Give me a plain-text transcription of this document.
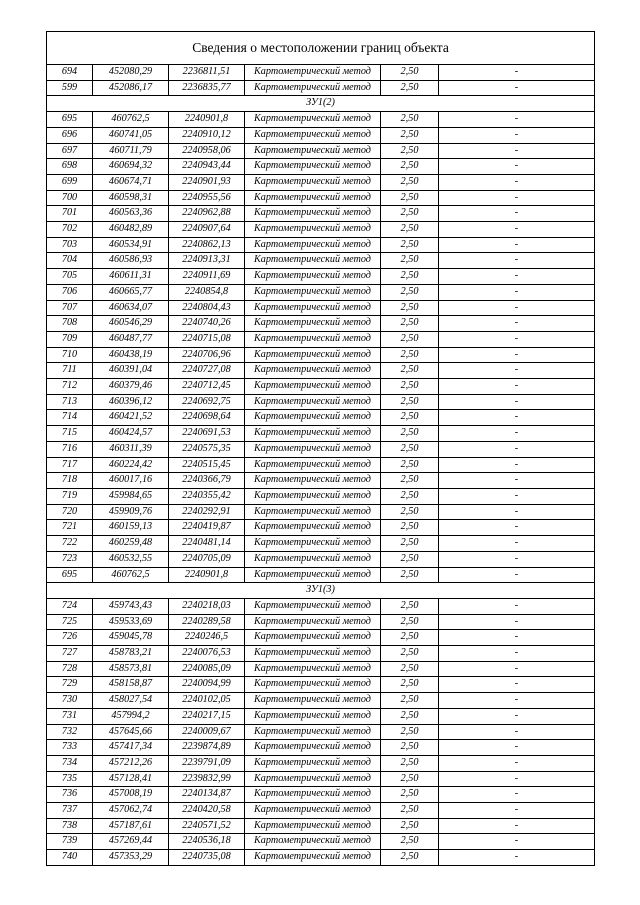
Сведения о местоположении границ объекта					
694	452080,29	2236811,51	Картометрический метод	2,50	-
599	452086,17	2236835,77	Картометрический метод	2,50	-
ЗУ1(2)					
695	460762,5	2240901,8	Картометрический метод	2,50	-
696	460741,05	2240910,12	Картометрический метод	2,50	-
697	460711,79	2240958,06	Картометрический метод	2,50	-
698	460694,32	2240943,44	Картометрический метод	2,50	-
699	460674,71	2240901,93	Картометрический метод	2,50	-
700	460598,31	2240955,56	Картометрический метод	2,50	-
701	460563,36	2240962,88	Картометрический метод	2,50	-
702	460482,89	2240907,64	Картометрический метод	2,50	-
703	460534,91	2240862,13	Картометрический метод	2,50	-
704	460586,93	2240913,31	Картометрический метод	2,50	-
705	460611,31	2240911,69	Картометрический метод	2,50	-
706	460665,77	2240854,8	Картометрический метод	2,50	-
707	460634,07	2240804,43	Картометрический метод	2,50	-
708	460546,29	2240740,26	Картометрический метод	2,50	-
709	460487,77	2240715,08	Картометрический метод	2,50	-
710	460438,19	2240706,96	Картометрический метод	2,50	-
711	460391,04	2240727,08	Картометрический метод	2,50	-
712	460379,46	2240712,45	Картометрический метод	2,50	-
713	460396,12	2240692,75	Картометрический метод	2,50	-
714	460421,52	2240698,64	Картометрический метод	2,50	-
715	460424,57	2240691,53	Картометрический метод	2,50	-
716	460311,39	2240575,35	Картометрический метод	2,50	-
717	460224,42	2240515,45	Картометрический метод	2,50	-
718	460017,16	2240366,79	Картометрический метод	2,50	-
719	459984,65	2240355,42	Картометрический метод	2,50	-
720	459909,76	2240292,91	Картометрический метод	2,50	-
721	460159,13	2240419,87	Картометрический метод	2,50	-
722	460259,48	2240481,14	Картометрический метод	2,50	-
723	460532,55	2240705,09	Картометрический метод	2,50	-
695	460762,5	2240901,8	Картометрический метод	2,50	-
ЗУ1(3)					
724	459743,43	2240218,03	Картометрический метод	2,50	-
725	459533,69	2240289,58	Картометрический метод	2,50	-
726	459045,78	2240246,5	Картометрический метод	2,50	-
727	458783,21	2240076,53	Картометрический метод	2,50	-
728	458573,81	2240085,09	Картометрический метод	2,50	-
729	458158,87	2240094,99	Картометрический метод	2,50	-
730	458027,54	2240102,05	Картометрический метод	2,50	-
731	457994,2	2240217,15	Картометрический метод	2,50	-
732	457645,66	2240009,67	Картометрический метод	2,50	-
733	457417,34	2239874,89	Картометрический метод	2,50	-
734	457212,26	2239791,09	Картометрический метод	2,50	-
735	457128,41	2239832,99	Картометрический метод	2,50	-
736	457008,19	2240134,87	Картометрический метод	2,50	-
737	457062,74	2240420,58	Картометрический метод	2,50	-
738	457187,61	2240571,52	Картометрический метод	2,50	-
739	457269,44	2240536,18	Картометрический метод	2,50	-
740	457353,29	2240735,08	Картометрический метод	2,50	-
